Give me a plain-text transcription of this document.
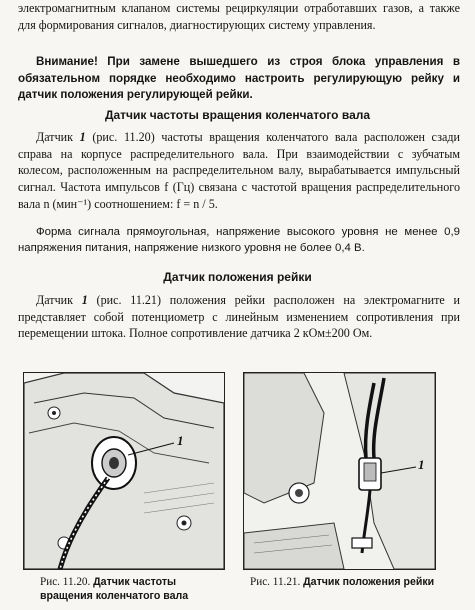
электромагнитным клапаном системы рециркуляции отработавших газов, а также для формирования сигналов, диагностирующих систему управления.

Внимание! При замене вышедшего из строя блока управления в обязательном порядке необходимо настроить регулирующую рейку и датчик положения регулирующей рейки.

Датчик частоты вращения коленчатого вала

Датчик 1 (рис. 11.20) частоты вращения коленчатого вала расположен сзади справа на корпусе распределительного вала. При взаимодействии с зубчатым колесом, расположенным на распределительном валу, вырабатывается импульсный сигнал. Частота импульсов f (Гц) связана с частотой вращения распределительного вала n (мин⁻¹) соотношением: f = n / 5.

Форма сигнала прямоугольная, напряжение высокого уровня не менее 0,9 напряжения питания, напряжение низкого уровня не более 0,4 В.

Датчик положения рейки

Датчик 1 (рис. 11.21) положения рейки расположен на электромагните и представляет собой потенциометр с линейным изменением сопротивления при перемещении штока. Полное сопротивление датчика 2 кОм±200 Ом.

1

Рис. 11.20. Датчик частоты вращения коленчатого вала

1

Рис. 11.21. Датчик положения рейки
